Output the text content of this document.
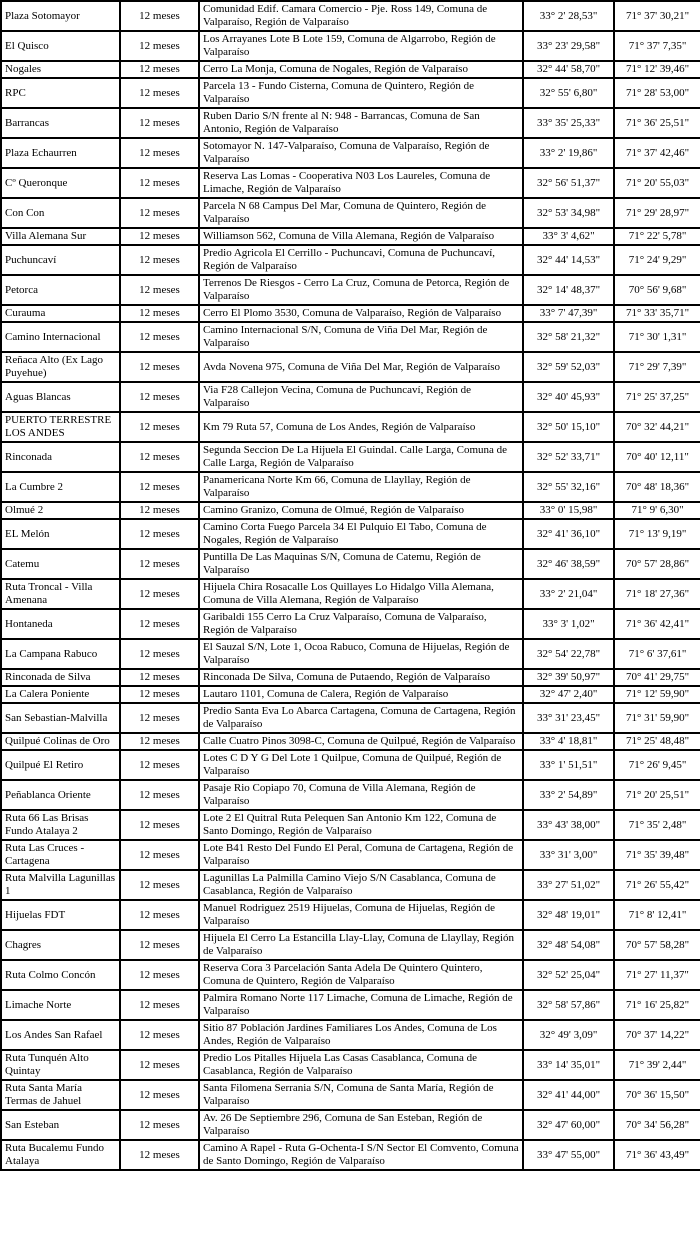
Plaza Sotomayor	12 meses	Comunidad Edif. Camara Comercio - Pje. Ross 149, Comuna de Valparaíso, Región de Valparaíso	33° 2' 28,53"	71° 37' 30,21"
El Quisco	12 meses	Los Arrayanes Lote B Lote 159, Comuna de Algarrobo, Región de Valparaíso	33° 23' 29,58"	71° 37' 7,35"
Nogales	12 meses	Cerro La Monja, Comuna de Nogales, Región de Valparaíso	32° 44' 58,70"	71° 12' 39,46"
RPC	12 meses	Parcela 13 - Fundo Cisterna, Comuna de Quintero, Región de Valparaíso	32° 55' 6,80"	71° 28' 53,00"
Barrancas	12 meses	Ruben Dario S/N frente al N: 948 - Barrancas, Comuna de San Antonio, Región de Valparaíso	33° 35' 25,33"	71° 36' 25,51"
Plaza Echaurren	12 meses	Sotomayor N. 147-Valparaíso, Comuna de Valparaíso, Región de Valparaíso	33° 2' 19,86"	71° 37' 42,46"
Cº Queronque	12 meses	Reserva Las Lomas - Cooperativa N03 Los Laureles, Comuna de Limache, Región de Valparaíso	32° 56' 51,37"	71° 20' 55,03"
Con Con	12 meses	Parcela N 68 Campus Del Mar, Comuna de Quintero, Región de Valparaíso	32° 53' 34,98"	71° 29' 28,97"
Villa Alemana Sur	12 meses	Williamson 562, Comuna de Villa Alemana, Región de Valparaíso	33° 3' 4,62"	71° 22' 5,78"
Puchuncaví	12 meses	Predio Agricola El Cerrillo - Puchuncavi, Comuna de Puchuncaví, Región de Valparaíso	32° 44' 14,53"	71° 24' 9,29"
Petorca	12 meses	Terrenos De Riesgos - Cerro La Cruz, Comuna de Petorca, Región de Valparaíso	32° 14' 48,37"	70° 56' 9,68"
Curauma	12 meses	Cerro El Plomo 3530, Comuna de Valparaíso, Región de Valparaíso	33° 7' 47,39"	71° 33' 35,71"
Camino Internacional	12 meses	Camino Internacional S/N, Comuna de Viña Del Mar, Región de Valparaíso	32° 58' 21,32"	71° 30' 1,31"
Reñaca Alto (Ex Lago Puyehue)	12 meses	Avda Novena 975, Comuna de Viña Del Mar, Región de Valparaíso	32° 59' 52,03"	71° 29' 7,39"
Aguas Blancas	12 meses	Via F28 Callejon Vecina, Comuna de Puchuncaví, Región de Valparaíso	32° 40' 45,93"	71° 25' 37,25"
PUERTO TERRESTRE LOS ANDES	12 meses	Km 79 Ruta 57, Comuna de Los Andes, Región de Valparaíso	32° 50' 15,10"	70° 32' 44,21"
Rinconada	12 meses	Segunda Seccion De La Hijuela El Guindal. Calle Larga, Comuna de Calle Larga, Región de Valparaíso	32° 52' 33,71"	70° 40' 12,11"
La Cumbre 2	12 meses	Panamericana Norte Km 66, Comuna de Llayllay, Región de Valparaíso	32° 55' 32,16"	70° 48' 18,36"
Olmué 2	12 meses	Camino Granizo, Comuna de Olmué, Región de Valparaíso	33° 0' 15,98"	71° 9' 6,30"
EL Melón	12 meses	Camino Corta Fuego Parcela 34 El Pulquio El Tabo, Comuna de Nogales, Región de Valparaíso	32° 41' 36,10"	71° 13' 9,19"
Catemu	12 meses	Puntilla De Las Maquinas S/N, Comuna de Catemu, Región de Valparaíso	32° 46' 38,59"	70° 57' 28,86"
Ruta Troncal - Villa Amenana	12 meses	Hijuela Chira Rosacalle Los Quillayes Lo Hidalgo Villa Alemana, Comuna de Villa Alemana, Región de Valparaíso	33° 2' 21,04"	71° 18' 27,36"
Hontaneda	12 meses	Garibaldi 155 Cerro La Cruz Valparaíso, Comuna de Valparaíso, Región de Valparaíso	33° 3' 1,02"	71° 36' 42,41"
La Campana Rabuco	12 meses	El Sauzal S/N, Lote 1, Ocoa Rabuco, Comuna de Hijuelas, Región de Valparaíso	32° 54' 22,78"	71° 6' 37,61"
Rinconada de Silva	12 meses	Rinconada De Silva, Comuna de Putaendo, Región de Valparaíso	32° 39' 50,97"	70° 41' 29,75"
La Calera Poniente	12 meses	Lautaro 1101, Comuna de Calera, Región de Valparaíso	32° 47' 2,40"	71° 12' 59,90"
San Sebastian-Malvilla	12 meses	Predio Santa Eva Lo Abarca Cartagena, Comuna de Cartagena, Región de Valparaíso	33° 31' 23,45"	71° 31' 59,90"
Quilpué Colinas de Oro	12 meses	Calle Cuatro Pinos 3098-C, Comuna de Quilpué, Región de Valparaíso	33° 4' 18,81"	71° 25' 48,48"
Quilpué El Retiro	12 meses	Lotes C D Y G Del Lote 1 Quilpue, Comuna de Quilpué, Región de Valparaíso	33° 1' 51,51"	71° 26' 9,45"
Peñablanca Oriente	12 meses	Pasaje Rio Copiapo 70, Comuna de Villa Alemana, Región de Valparaíso	33° 2' 54,89"	71° 20' 25,51"
Ruta 66 Las Brisas Fundo Atalaya 2	12 meses	Lote 2 El Quitral Ruta Pelequen San Antonio Km 122, Comuna de Santo Domingo, Región de Valparaíso	33° 43' 38,00"	71° 35' 2,48"
Ruta Las Cruces - Cartagena	12 meses	Lote B41 Resto Del Fundo El Peral, Comuna de Cartagena, Región de Valparaíso	33° 31' 3,00"	71° 35' 39,48"
Ruta Malvilla Lagunillas 1	12 meses	Lagunillas La Palmilla Camino Viejo S/N Casablanca, Comuna de Casablanca, Región de Valparaíso	33° 27' 51,02"	71° 26' 55,42"
Hijuelas FDT	12 meses	Manuel Rodriguez 2519 Hijuelas, Comuna de Hijuelas, Región de Valparaíso	32° 48' 19,01"	71° 8' 12,41"
Chagres	12 meses	Hijuela El Cerro La Estancilla Llay-Llay, Comuna de Llayllay, Región de Valparaíso	32° 48' 54,08"	70° 57' 58,28"
Ruta Colmo Concón	12 meses	Reserva Cora 3 Parcelación Santa Adela De Quintero Quintero, Comuna de Quintero, Región de Valparaíso	32° 52' 25,04"	71° 27' 11,37"
Limache Norte	12 meses	Palmira Romano Norte 117 Limache, Comuna de Limache, Región de Valparaíso	32° 58' 57,86"	71° 16' 25,82"
Los Andes San Rafael	12 meses	Sitio 87 Población Jardines Familiares Los Andes, Comuna de Los Andes, Región de Valparaíso	32° 49' 3,09"	70° 37' 14,22"
Ruta Tunquén Alto Quintay	12 meses	Predio Los Pitalles Hijuela Las Casas Casablanca, Comuna de Casablanca, Región de Valparaíso	33° 14' 35,01"	71° 39' 2,44"
Ruta Santa María Termas de Jahuel	12 meses	Santa Filomena Serrania S/N, Comuna de Santa María, Región de Valparaíso	32° 41' 44,00"	70° 36' 15,50"
San Esteban	12 meses	Av. 26 De Septiembre 296, Comuna de San Esteban, Región de Valparaíso	32° 47' 60,00"	70° 34' 56,28"
Ruta Bucalemu Fundo Atalaya	12 meses	Camino A Rapel - Ruta G-Ochenta-I S/N Sector El Comvento, Comuna de Santo Domingo, Región de Valparaíso	33° 47' 55,00"	71° 36' 43,49"
